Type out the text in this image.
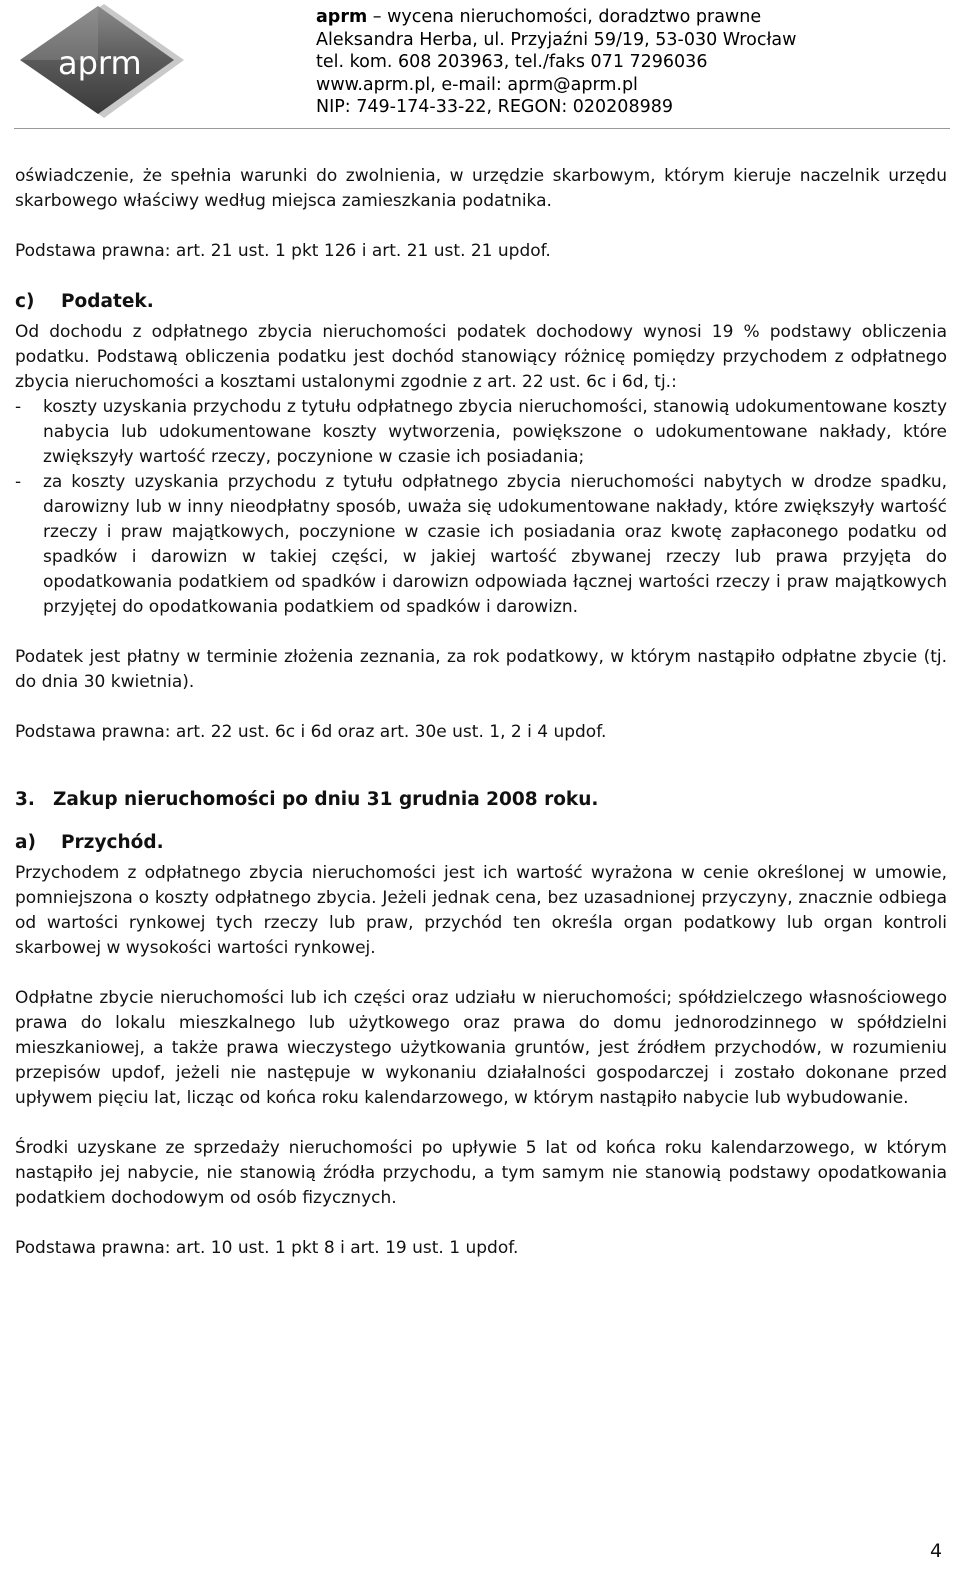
aprm
aprm – wycena nieruchomości, doradztwo prawne
Aleksandra Herba, ul. Przyjaźni 59/19, 53-030 Wrocław
tel. kom. 608 203963, tel./faks 071 7296036
www.aprm.pl, e-mail: aprm@aprm.pl
NIP: 749-174-33-22, REGON: 020208989

oświadczenie, że spełnia warunki do zwolnienia, w urzędzie skarbowym, którym kieruje naczelnik urzędu skarbowego właściwy według miejsca zamieszkania podatnika.

Podstawa prawna: art. 21 ust. 1 pkt 126 i art. 21 ust. 21 updof.

c) Podatek.

Od dochodu z odpłatnego zbycia nieruchomości podatek dochodowy wynosi 19 % podstawy obliczenia podatku. Podstawą obliczenia podatku jest dochód stanowiący różnicę pomiędzy przychodem z odpłatnego zbycia nieruchomości a kosztami ustalonymi zgodnie z art. 22 ust. 6c i 6d, tj.:

-	koszty uzyskania przychodu z tytułu odpłatnego zbycia nieruchomości, stanowią udokumentowane koszty nabycia lub udokumentowane koszty wytworzenia, powiększone o udokumentowane nakłady, które zwiększyły wartość rzeczy, poczynione w czasie ich posiadania;
-	za koszty uzyskania przychodu z tytułu odpłatnego zbycia nieruchomości nabytych w drodze spadku, darowizny lub w inny nieodpłatny sposób, uważa się udokumentowane nakłady, które zwiększyły wartość rzeczy i praw majątkowych, poczynione w czasie ich posiadania oraz kwotę zapłaconego podatku od spadków i darowizn w takiej części, w jakiej wartość zbywanej rzeczy lub prawa przyjęta do opodatkowania podatkiem od spadków i darowizn odpowiada łącznej wartości rzeczy i praw majątkowych przyjętej do opodatkowania podatkiem od spadków i darowizn.

Podatek jest płatny w terminie złożenia zeznania, za rok podatkowy, w którym nastąpiło odpłatne zbycie (tj. do dnia 30 kwietnia).

Podstawa prawna: art. 22 ust. 6c i 6d oraz art. 30e ust. 1, 2 i 4 updof.

3. Zakup nieruchomości po dniu 31 grudnia 2008 roku.

a) Przychód.

Przychodem z odpłatnego zbycia nieruchomości jest ich wartość wyrażona w cenie określonej w umowie, pomniejszona o koszty odpłatnego zbycia. Jeżeli jednak cena, bez uzasadnionej przyczyny, znacznie odbiega od wartości rynkowej tych rzeczy lub praw, przychód ten określa organ podatkowy lub organ kontroli skarbowej w wysokości wartości rynkowej.

Odpłatne zbycie nieruchomości lub ich części oraz udziału w nieruchomości; spółdzielczego własnościowego prawa do lokalu mieszkalnego lub użytkowego oraz prawa do domu jednorodzinnego w spółdzielni mieszkaniowej, a także prawa wieczystego użytkowania gruntów, jest źródłem przychodów, w rozumieniu przepisów updof, jeżeli nie następuje w wykonaniu działalności gospodarczej i zostało dokonane przed upływem pięciu lat, licząc od końca roku kalendarzowego, w którym nastąpiło nabycie lub wybudowanie.

Środki uzyskane ze sprzedaży nieruchomości po upływie 5 lat od końca roku kalendarzowego, w którym nastąpiło jej nabycie, nie stanowią źródła przychodu, a tym samym nie stanowią podstawy opodatkowania podatkiem dochodowym od osób fizycznych.

Podstawa prawna: art. 10 ust. 1 pkt 8 i art. 19 ust. 1 updof.

4
